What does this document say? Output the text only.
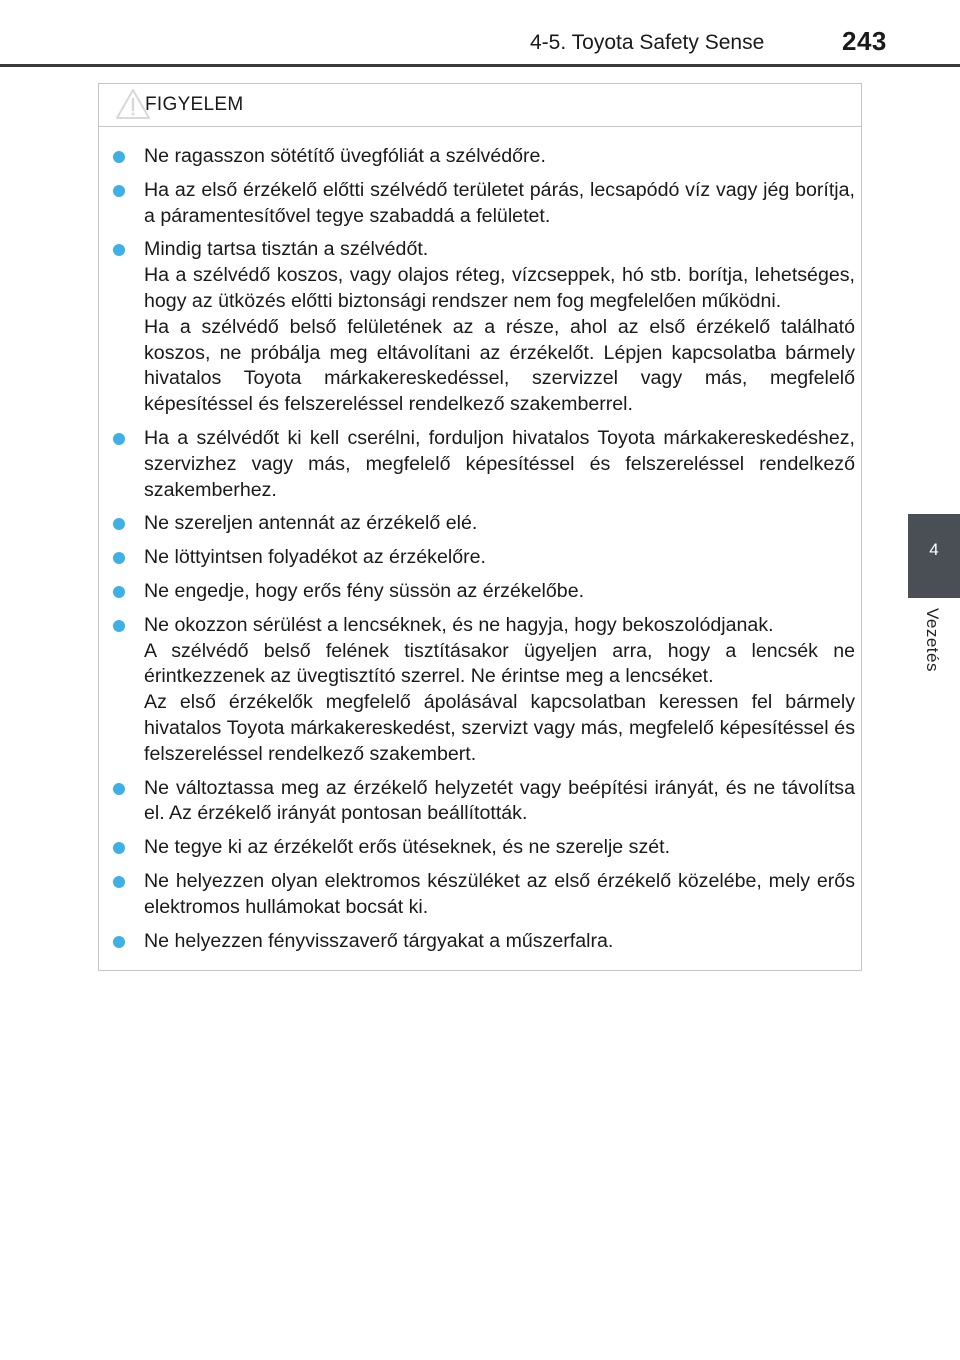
4-5. Toyota Safety Sense	243
4
Vezetés
FIGYELEM
Ne ragasszon sötétítő üvegfóliát a szélvédőre.
Ha az első érzékelő előtti szélvédő területet párás, lecsapódó víz vagy jég borítja, a páramentesítővel tegye szabaddá a felületet.
Mindig tartsa tisztán a szélvédőt.
Ha a szélvédő koszos, vagy olajos réteg, vízcseppek, hó stb. borítja, lehetséges, hogy az ütközés előtti biztonsági rendszer nem fog megfelelően működni.
Ha a szélvédő belső felületének az a része, ahol az első érzékelő található koszos, ne próbálja meg eltávolítani az érzékelőt. Lépjen kapcsolatba bármely hivatalos Toyota márkakereskedéssel, szervizzel vagy más, megfelelő képesítéssel és felszereléssel rendelkező szakemberrel.
Ha a szélvédőt ki kell cserélni, forduljon hivatalos Toyota márkakereskedéshez, szervizhez vagy más, megfelelő képesítéssel és felszereléssel rendelkező szakemberhez.
Ne szereljen antennát az érzékelő elé.
Ne löttyintsen folyadékot az érzékelőre.
Ne engedje, hogy erős fény süssön az érzékelőbe.
Ne okozzon sérülést a lencséknek, és ne hagyja, hogy bekoszolódjanak.
A szélvédő belső felének tisztításakor ügyeljen arra, hogy a lencsék ne érintkezzenek az üvegtisztító szerrel. Ne érintse meg a lencséket.
Az első érzékelők megfelelő ápolásával kapcsolatban keressen fel bármely hivatalos Toyota márkakereskedést, szervizt vagy más, megfelelő képesítéssel és felszereléssel rendelkező szakembert.
Ne változtassa meg az érzékelő helyzetét vagy beépítési irányát, és ne távolítsa el. Az érzékelő irányát pontosan beállították.
Ne tegye ki az érzékelőt erős ütéseknek, és ne szerelje szét.
Ne helyezzen olyan elektromos készüléket az első érzékelő közelébe, mely erős elektromos hullámokat bocsát ki.
Ne helyezzen fényvisszaverő tárgyakat a műszerfalra.
